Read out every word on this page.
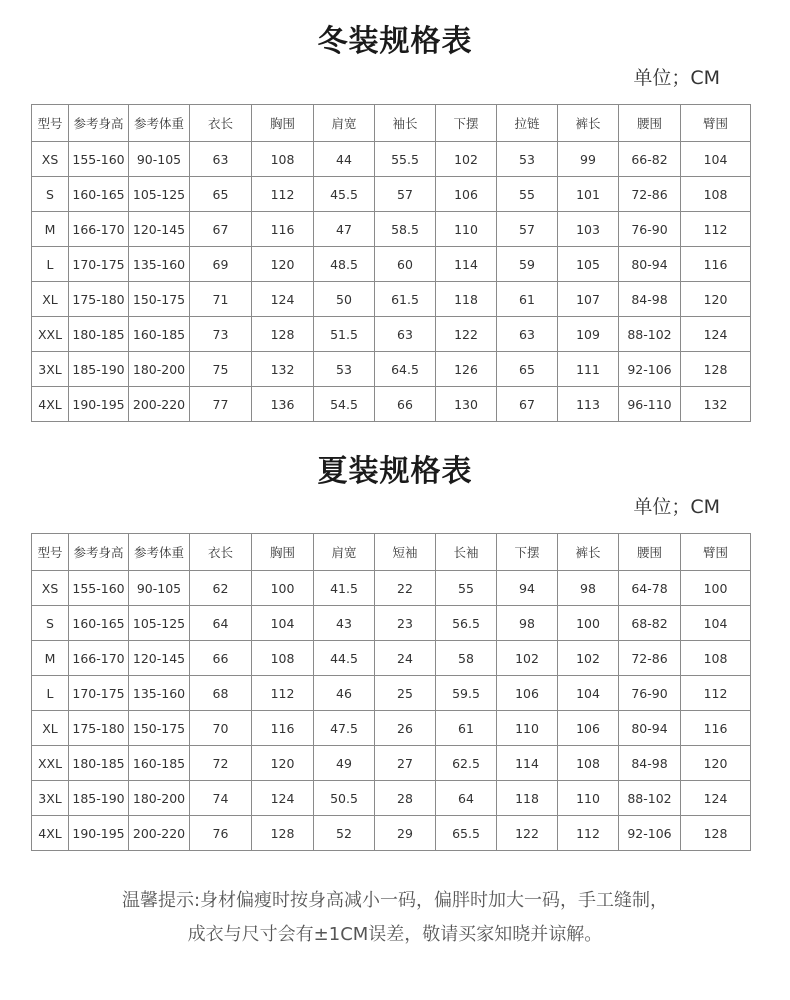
冬装规格表
单位；CM
型号	参考身高	参考体重	衣长	胸围	肩宽	袖长	下摆	拉链	裤长	腰围	臂围
XS	155-160	90-105	63	108	44	55.5	102	53	99	66-82	104
S	160-165	105-125	65	112	45.5	57	106	55	101	72-86	108
M	166-170	120-145	67	116	47	58.5	110	57	103	76-90	112
L	170-175	135-160	69	120	48.5	60	114	59	105	80-94	116
XL	175-180	150-175	71	124	50	61.5	118	61	107	84-98	120
XXL	180-185	160-185	73	128	51.5	63	122	63	109	88-102	124
3XL	185-190	180-200	75	132	53	64.5	126	65	111	92-106	128
4XL	190-195	200-220	77	136	54.5	66	130	67	113	96-110	132
夏装规格表
单位；CM
型号	参考身高	参考体重	衣长	胸围	肩宽	短袖	长袖	下摆	裤长	腰围	臂围
XS	155-160	90-105	62	100	41.5	22	55	94	98	64-78	100
S	160-165	105-125	64	104	43	23	56.5	98	100	68-82	104
M	166-170	120-145	66	108	44.5	24	58	102	102	72-86	108
L	170-175	135-160	68	112	46	25	59.5	106	104	76-90	112
XL	175-180	150-175	70	116	47.5	26	61	110	106	80-94	116
XXL	180-185	160-185	72	120	49	27	62.5	114	108	84-98	120
3XL	185-190	180-200	74	124	50.5	28	64	118	110	88-102	124
4XL	190-195	200-220	76	128	52	29	65.5	122	112	92-106	128
温馨提示:身材偏瘦时按身高减小一码，偏胖时加大一码，手工缝制，
成衣与尺寸会有±1CM误差，敬请买家知晓并谅解。
